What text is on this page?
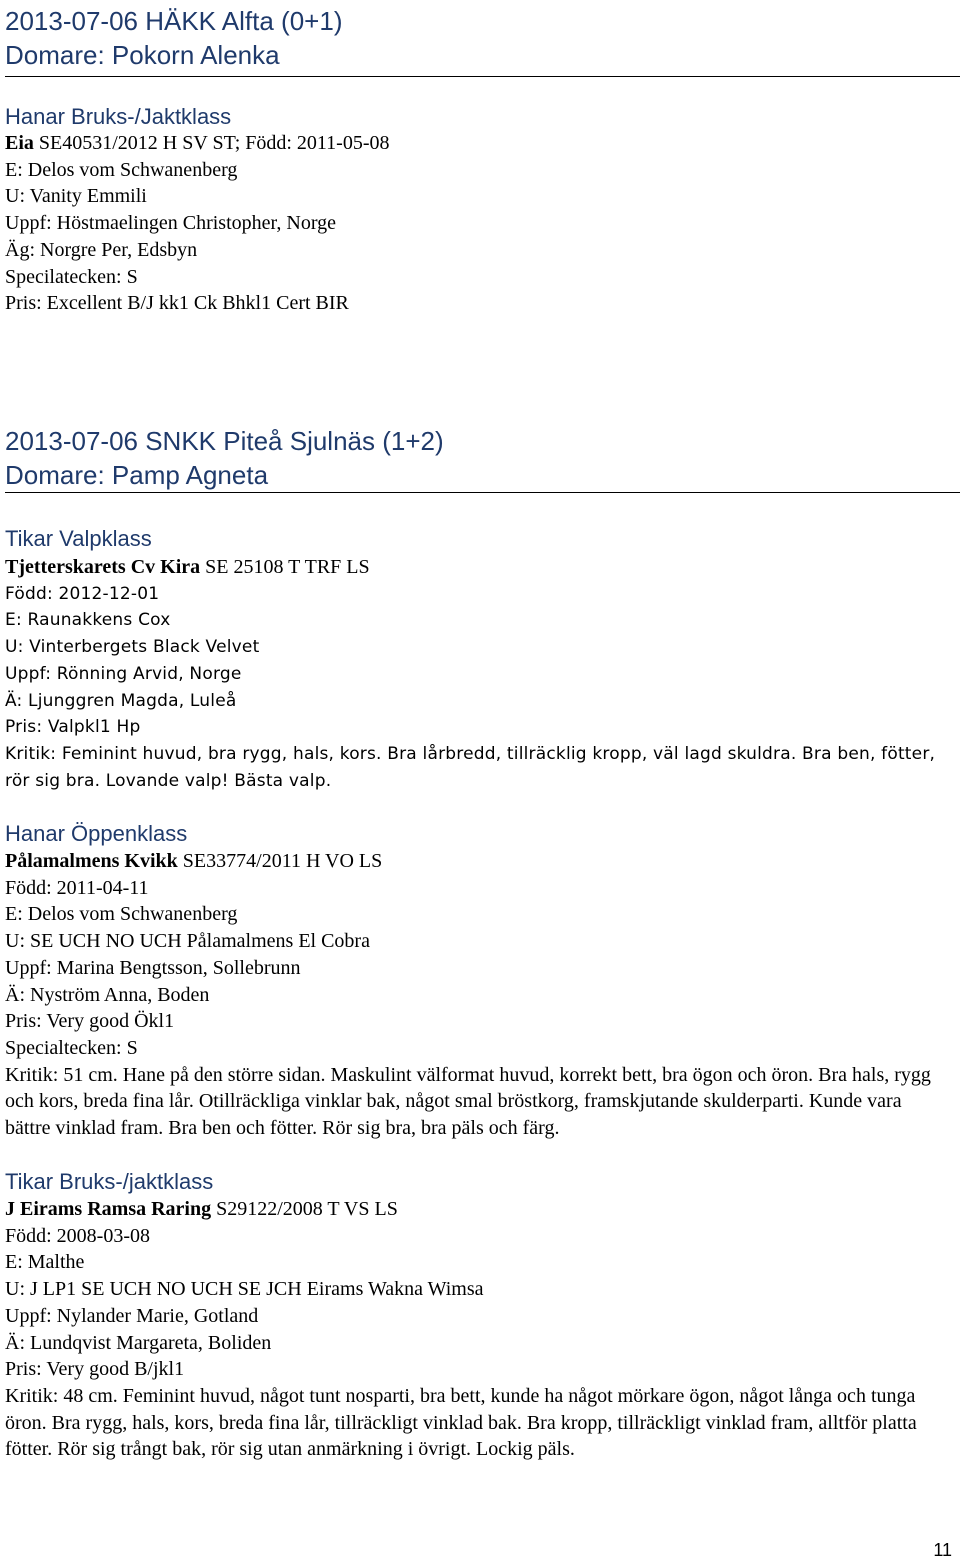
2013-07-06 HÄKK Alfta (0+1)
Domare: Pokorn Alenka
Hanar Bruks-/Jaktklass
Eia SE40531/2012 H SV ST; Född: 2011-05-08
E: Delos vom Schwanenberg
U: Vanity Emmili
Uppf: Höstmaelingen Christopher, Norge
Äg: Norgre Per, Edsbyn
Specilatecken: S
Pris: Excellent B/J kk1 Ck Bhkl1 Cert BIR
2013-07-06 SNKK Piteå Sjulnäs (1+2)
Domare: Pamp Agneta
Tikar Valpklass
Tjetterskarets Cv Kira SE 25108 T TRF LS
Född: 2012-12-01
E: Raunakkens Cox
U: Vinterbergets Black Velvet
Uppf: Rönning Arvid, Norge
Ä: Ljunggren Magda, Luleå
Pris: Valpkl1 Hp
Kritik: Feminint huvud, bra rygg, hals, kors. Bra lårbredd, tillräcklig kropp, väl lagd skuldra. Bra ben, fötter, rör sig bra. Lovande valp! Bästa valp.
Hanar Öppenklass
Pålamalmens Kvikk SE33774/2011 H VO LS
Född: 2011-04-11
E: Delos vom Schwanenberg
U: SE UCH NO UCH Pålamalmens El Cobra
Uppf: Marina Bengtsson, Sollebrunn
Ä: Nyström Anna, Boden
Pris: Very good Ökl1
Specialtecken: S
Kritik: 51 cm. Hane på den större sidan. Maskulint välformat huvud, korrekt bett, bra ögon och öron. Bra hals, rygg och kors, breda fina lår. Otillräckliga vinklar bak, något smal bröstkorg, framskjutande skulderparti. Kunde vara bättre vinklad fram. Bra ben och fötter. Rör sig bra, bra päls och färg.
Tikar Bruks-/jaktklass
J Eirams Ramsa Raring S29122/2008 T VS LS
Född: 2008-03-08
E: Malthe
U: J LP1 SE UCH NO UCH SE JCH Eirams Wakna Wimsa
Uppf: Nylander Marie, Gotland
Ä: Lundqvist Margareta, Boliden
Pris: Very good B/jkl1
Kritik: 48 cm. Feminint huvud, något tunt nosparti, bra bett, kunde ha något mörkare ögon, något långa och tunga öron. Bra rygg, hals, kors, breda fina lår, tillräckligt vinklad bak. Bra kropp, tillräckligt vinklad fram, alltför platta fötter. Rör sig trångt bak, rör sig utan anmärkning i övrigt. Lockig päls.
11
